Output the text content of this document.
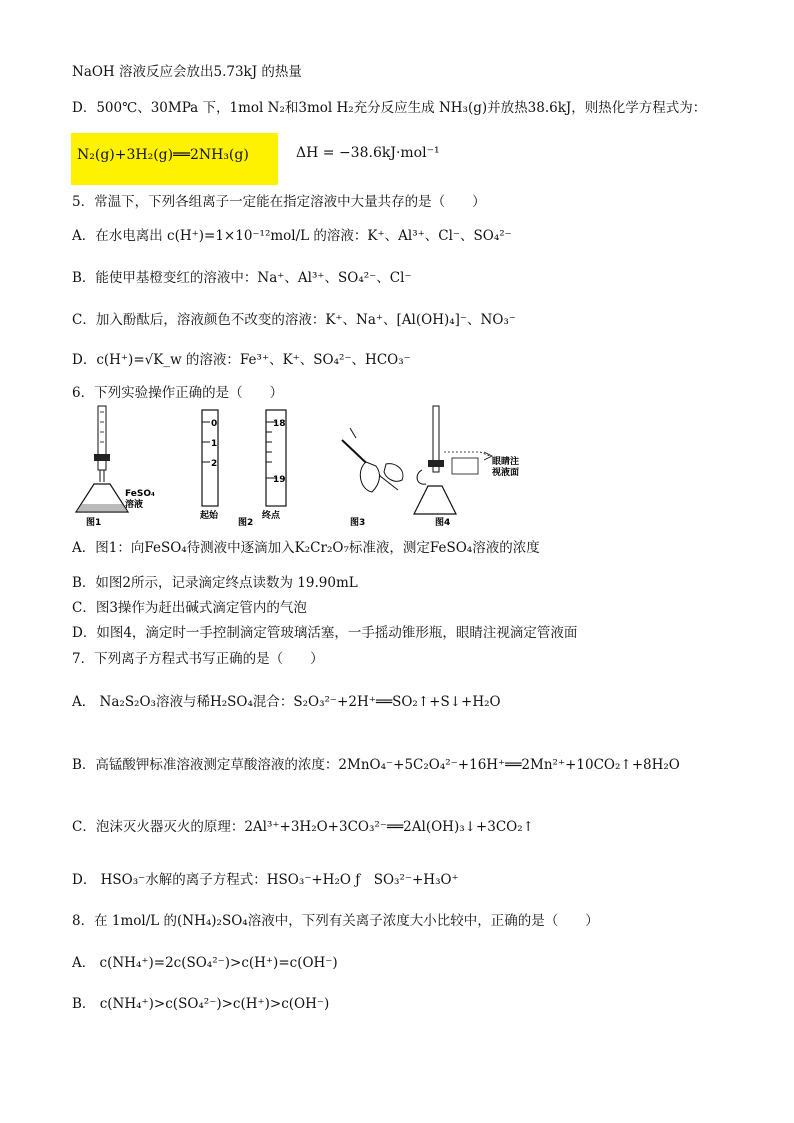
NaOH 溶液反应会放出5.73kJ 的热量
D．500℃、30MPa 下，1mol N₂和3mol H₂充分反应生成 NH₃(g)并放热38.6kJ，则热化学方程式为：
N₂(g)+3H₂(g)══2NH₃(g)	ΔH = −38.6kJ·mol⁻¹
5．常温下，下列各组离子一定能在指定溶液中大量共存的是（　　）
A．在水电离出 c(H⁺)=1×10⁻¹²mol/L 的溶液：K⁺、Al³⁺、Cl⁻、SO₄²⁻
B．能使甲基橙变红的溶液中：Na⁺、Al³⁺、SO₄²⁻、Cl⁻
C．加入酚酞后，溶液颜色不改变的溶液：K⁺、Na⁺、[Al(OH)₄]⁻、NO₃⁻
D．c(H⁺)=√K_w 的溶液：Fe³⁺、K⁺、SO₄²⁻、HCO₃⁻
6．下列实验操作正确的是（　　）
FeSO₄
溶液
图1
0
1
2
18
19
起始	终点
图2	图3
眼睛注
视液面
图4
A．图1：向FeSO₄待测液中逐滴加入K₂Cr₂O₇标准液，测定FeSO₄溶液的浓度
B．如图2所示，记录滴定终点读数为 19.90mL
C．图3操作为赶出碱式滴定管内的气泡
D．如图4，滴定时一手控制滴定管玻璃活塞，一手摇动锥形瓶，眼睛注视滴定管液面
7．下列离子方程式书写正确的是（　　）
A． Na₂S₂O₃溶液与稀H₂SO₄混合：S₂O₃²⁻+2H⁺══SO₂↑+S↓+H₂O
B．高锰酸钾标准溶液测定草酸溶液的浓度：2MnO₄⁻+5C₂O₄²⁻+16H⁺══2Mn²⁺+10CO₂↑+8H₂O
C．泡沫灭火器灭火的原理：2Al³⁺+3H₂O+3CO₃²⁻══2Al(OH)₃↓+3CO₂↑
D． HSO₃⁻水解的离子方程式：HSO₃⁻+H₂O ƒ　SO₃²⁻+H₃O⁺
8．在 1mol/L 的(NH₄)₂SO₄溶液中，下列有关离子浓度大小比较中，正确的是（　　）
A． c(NH₄⁺)=2c(SO₄²⁻)>c(H⁺)=c(OH⁻)
B． c(NH₄⁺)>c(SO₄²⁻)>c(H⁺)>c(OH⁻)
